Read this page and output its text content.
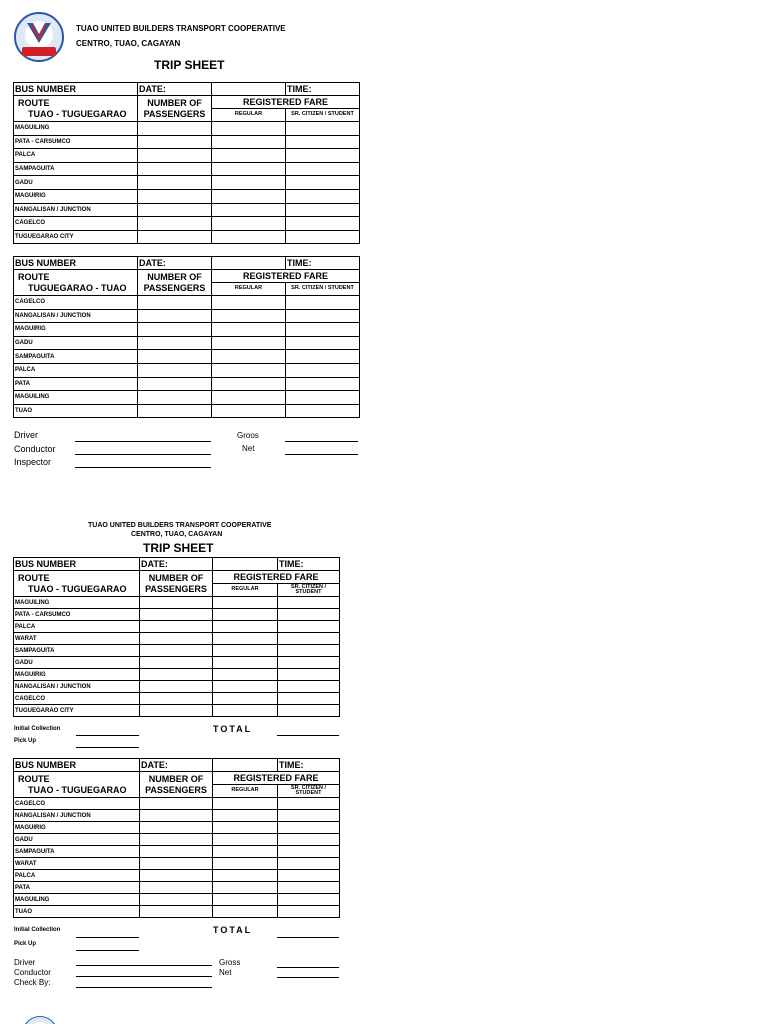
TUAO UNITED BUILDERS TRANSPORT COOPERATIVE
CENTRO, TUAO, CAGAYAN
TRIP SHEET
BUS NUMBER	DATE:		TIME:

ROUTE
TUAO - TUGUEGARAO	NUMBER OF PASSENGERS	REGISTERED FARE	
		REGULAR	SR. CITIZEN / STUDENT
MAGUILING			
PATA - CARSUMCO			
PALCA			
SAMPAGUITA			
GADU			
MAGUIRIG			
NANGALISAN / JUNCTION			
CAGELCO			
TUGUEGARAO CITY			
BUS NUMBER	DATE:		TIME:

ROUTE
TUGUEGARAO - TUAO	NUMBER OF PASSENGERS	REGISTERED FARE	
		REGULAR	SR. CITIZEN / STUDENT
CAGELCO			
NANGALISAN / JUNCTION			
MAGUIRIG			
GADU			
SAMPAGUITA			
PALCA			
PATA			
MAGUILING			
TUAO			
Driver
Conductor
Inspector
Groos
Net
TUAO UNITED BUILDERS TRANSPORT COOPERATIVE
CENTRO, TUAO, CAGAYAN
TRIP SHEET
BUS NUMBER	DATE:		TIME:

ROUTE
TUAO - TUGUEGARAO	NUMBER OF PASSENGERS	REGISTERED FARE	
		REGULAR	SR. CITIZEN / STUDENT
MAGUILING			
PATA - CARSUMCO			
PALCA			
WARAT			
SAMPAGUITA			
GADU			
MAGUIRIG			
NANGALISAN / JUNCTION			
CAGELCO			
TUGUEGARAO CITY			
Initial Collection
Pick Up
TOTAL
BUS NUMBER	DATE:		TIME:

ROUTE
TUAO - TUGUEGARAO	NUMBER OF PASSENGERS	REGISTERED FARE	
		REGULAR	SR. CITIZEN / STUDENT
CAGELCO			
NANGALISAN / JUNCTION			
MAGUIRIG			
GADU			
SAMPAGUITA			
WARAT			
PALCA			
PATA			
MAGUILING			
TUAO			
Initial Collection
Pick Up
TOTAL
Driver
Conductor
Check By:
Gross
Net
